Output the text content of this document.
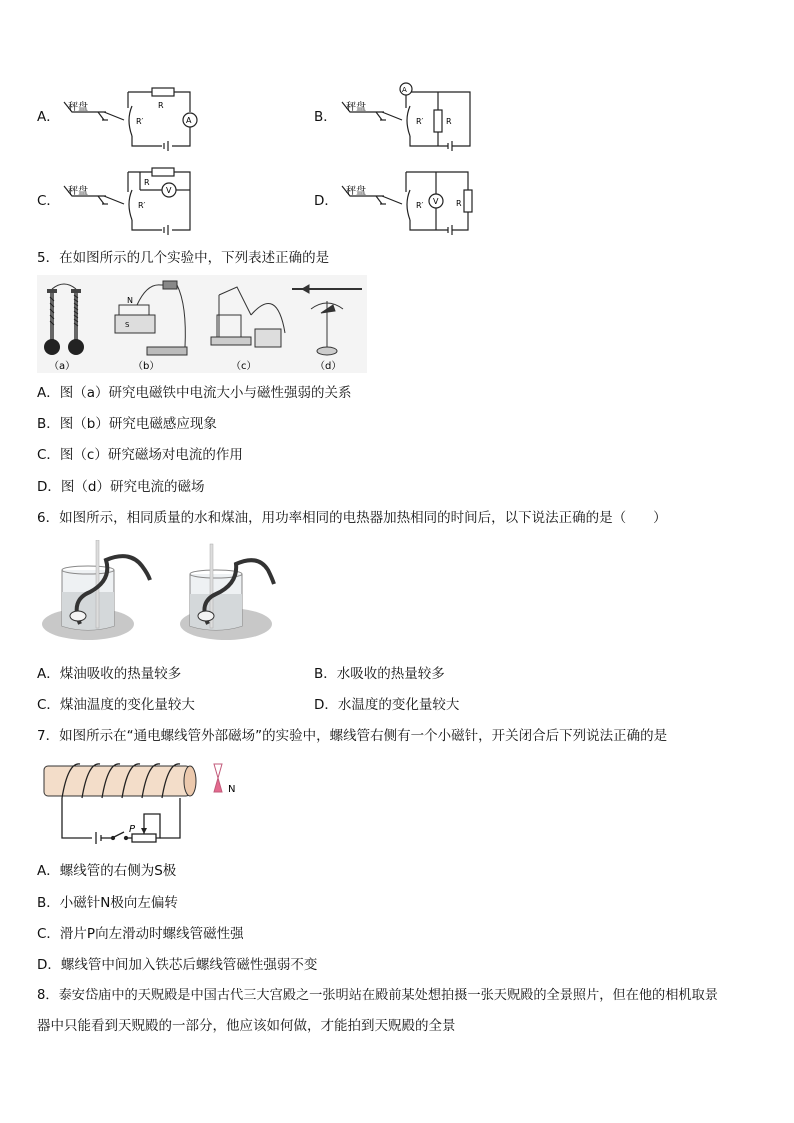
A．	B．
C．	D．
秤盘	R
R′	A
秤盘
A
R′	R
秤盘
R
R′
V	秤盘
R′ V R
5．在如图所示的几个实验中，下列表述正确的是
N
S
（a）	（b）	（c）	（d）
A．图（a）研究电磁铁中电流大小与磁性强弱的关系
B．图（b）研究电磁感应现象
C．图（c）研究磁场对电流的作用
D．图（d）研究电流的磁场
6．如图所示，相同质量的水和煤油，用功率相同的电热器加热相同的时间后，以下说法正确的是（　　）
A．煤油吸收的热量较多	B．水吸收的热量较多
C．煤油温度的变化量较大	D．水温度的变化量较大
7．如图所示在“通电螺线管外部磁场”的实验中，螺线管右侧有一个小磁针，开关闭合后下列说法正确的是
P
N
A．螺线管的右侧为S极
B．小磁针N极向左偏转
C．滑片P向左滑动时螺线管磁性强
D．螺线管中间加入铁芯后螺线管磁性强弱不变
8．泰安岱庙中的天贶殿是中国古代三大宫殿之一张明站在殿前某处想拍摄一张天贶殿的全景照片，但在他的相机取景
器中只能看到天贶殿的一部分，他应该如何做，才能拍到天贶殿的全景
